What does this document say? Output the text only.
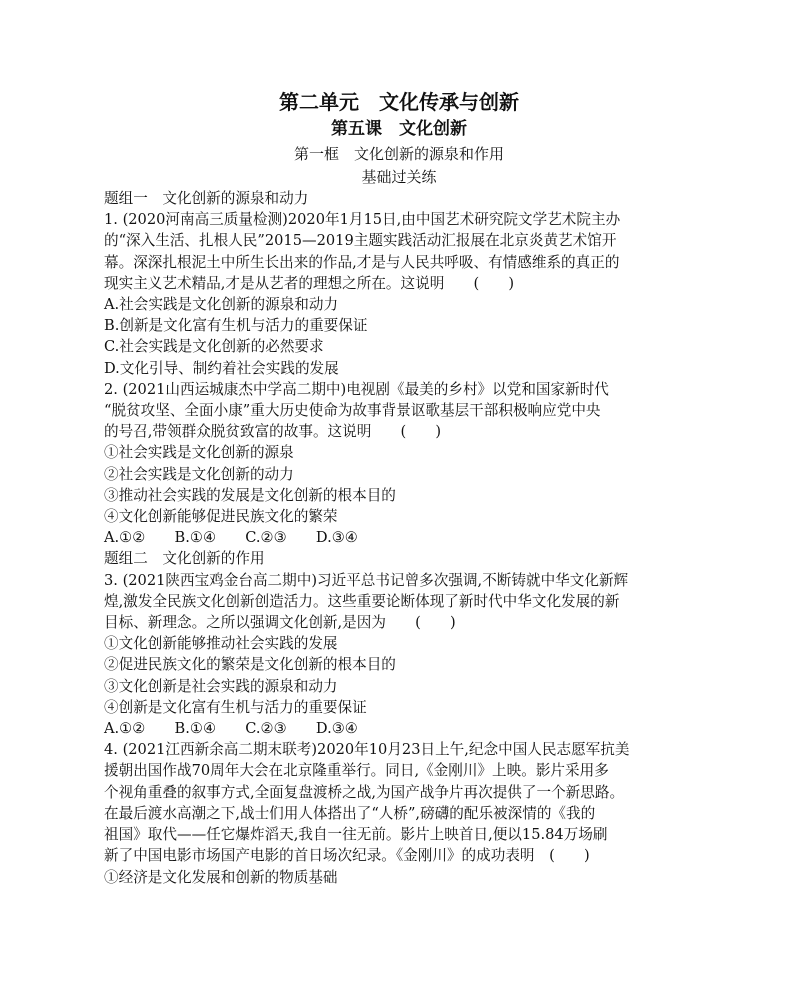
第二单元　文化传承与创新

第五课　文化创新

第一框　文化创新的源泉和作用

基础过关练

题组一　文化创新的源泉和动力

1. (2020河南高三质量检测)2020年1月15日,由中国艺术研究院文学艺术院主办

的“深入生活、扎根人民”2015—2019主题实践活动汇报展在北京炎黄艺术馆开

幕。深深扎根泥土中所生长出来的作品,才是与人民共呼吸、有情感维系的真正的

现实主义艺术精品,才是从艺者的理想之所在。这说明　　(　　)

A.社会实践是文化创新的源泉和动力

B.创新是文化富有生机与活力的重要保证

C.社会实践是文化创新的必然要求

D.文化引导、制约着社会实践的发展

2. (2021山西运城康杰中学高二期中)电视剧《最美的乡村》以党和国家新时代

“脱贫攻坚、全面小康”重大历史使命为故事背景讴歌基层干部积极响应党中央

的号召,带领群众脱贫致富的故事。这说明　　(　　)

①社会实践是文化创新的源泉

②社会实践是文化创新的动力

③推动社会实践的发展是文化创新的根本目的

④文化创新能够促进民族文化的繁荣

A.①②　　B.①④　　C.②③　　D.③④

题组二　文化创新的作用

3. (2021陕西宝鸡金台高二期中)习近平总书记曾多次强调,不断铸就中华文化新辉

煌,激发全民族文化创新创造活力。这些重要论断体现了新时代中华文化发展的新

目标、新理念。之所以强调文化创新,是因为　　(　　)

①文化创新能够推动社会实践的发展

②促进民族文化的繁荣是文化创新的根本目的

③文化创新是社会实践的源泉和动力

④创新是文化富有生机与活力的重要保证

A.①②　　B.①④　　C.②③　　D.③④

4. (2021江西新余高二期末联考)2020年10月23日上午,纪念中国人民志愿军抗美

援朝出国作战70周年大会在北京隆重举行。同日,《金刚川》上映。影片采用多

个视角重叠的叙事方式,全面复盘渡桥之战,为国产战争片再次提供了一个新思路。

在最后渡水高潮之下,战士们用人体搭出了“人桥”,磅礴的配乐被深情的《我的

祖国》取代——任它爆炸滔天,我自一往无前。影片上映首日,便以15.84万场刷

新了中国电影市场国产电影的首日场次纪录。《金刚川》的成功表明　(　　)

①经济是文化发展和创新的物质基础
